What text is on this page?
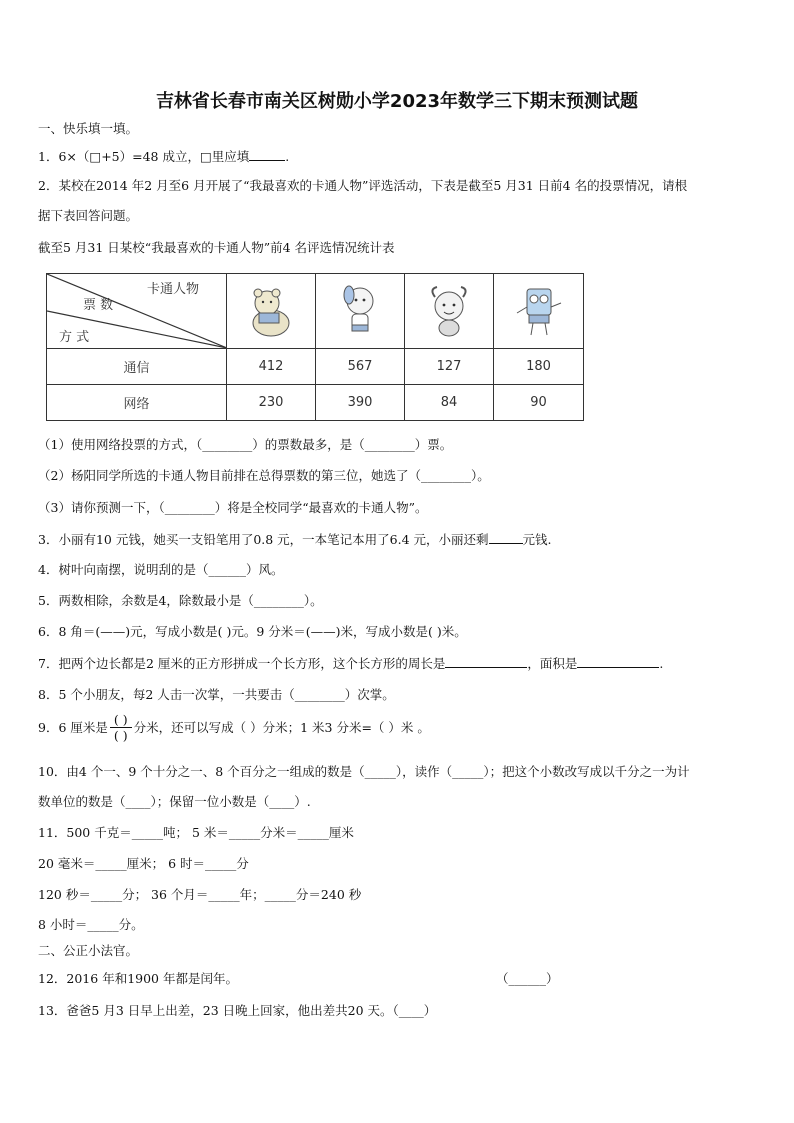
吉林省长春市南关区树勋小学2023年数学三下期末预测试题
一、快乐填一填。
1．6×（□+5）=48 成立，□里应填	.
2．某校在2014 年2 月至6 月开展了“我最喜欢的卡通人物”评选活动，下表是截至5 月31 日前4 名的投票情况，请根
据下表回答问题。
截至5 月31 日某校“我最喜欢的卡通人物”前4 名评选情况统计表
卡通人物
票 数
方 式

通信	412	567	127	180
网络	230	390	84	90
（1）使用网络投票的方式，（________）的票数最多，是（________）票。
（2）杨阳同学所选的卡通人物目前排在总得票数的第三位，她选了（________）。
（3）请你预测一下，（________）将是全校同学“最喜欢的卡通人物”。
3．小丽有10 元钱，她买一支铅笔用了0.8 元，一本笔记本用了6.4 元，小丽还剩	元钱.
4．树叶向南摆，说明刮的是（______）风。
5．两数相除，余数是4，除数最小是（________）。
6．8 角＝(——)元，写成小数是( )元。9 分米＝(——)米，写成小数是( )米。
7．把两个边长都是2 厘米的正方形拼成一个长方形，这个长方形的周长是	，面积是	.
8．5 个小朋友，每2 人击一次掌，一共要击（________）次掌。
9．6 厘米是 $\frac{( )}{( )}$ 分米，还可以写成（ ）分米；1 米3 分米=（ ）米 。
10．由4 个一、9 个十分之一、8 个百分之一组成的数是（_____），读作（_____）；把这个小数改写成以千分之一为计
数单位的数是（____）；保留一位小数是（____）.
11．500 千克＝_____吨； 5 米＝_____分米＝_____厘米
20 毫米＝_____厘米； 6 时＝_____分
120 秒＝_____分； 36 个月＝_____年；_____分＝240 秒
8 小时＝_____分。
二、公正小法官。
12．2016 年和1900 年都是闰年。	（______）
13．爸爸5 月3 日早上出差，23 日晚上回家，他出差共20 天。（____）
